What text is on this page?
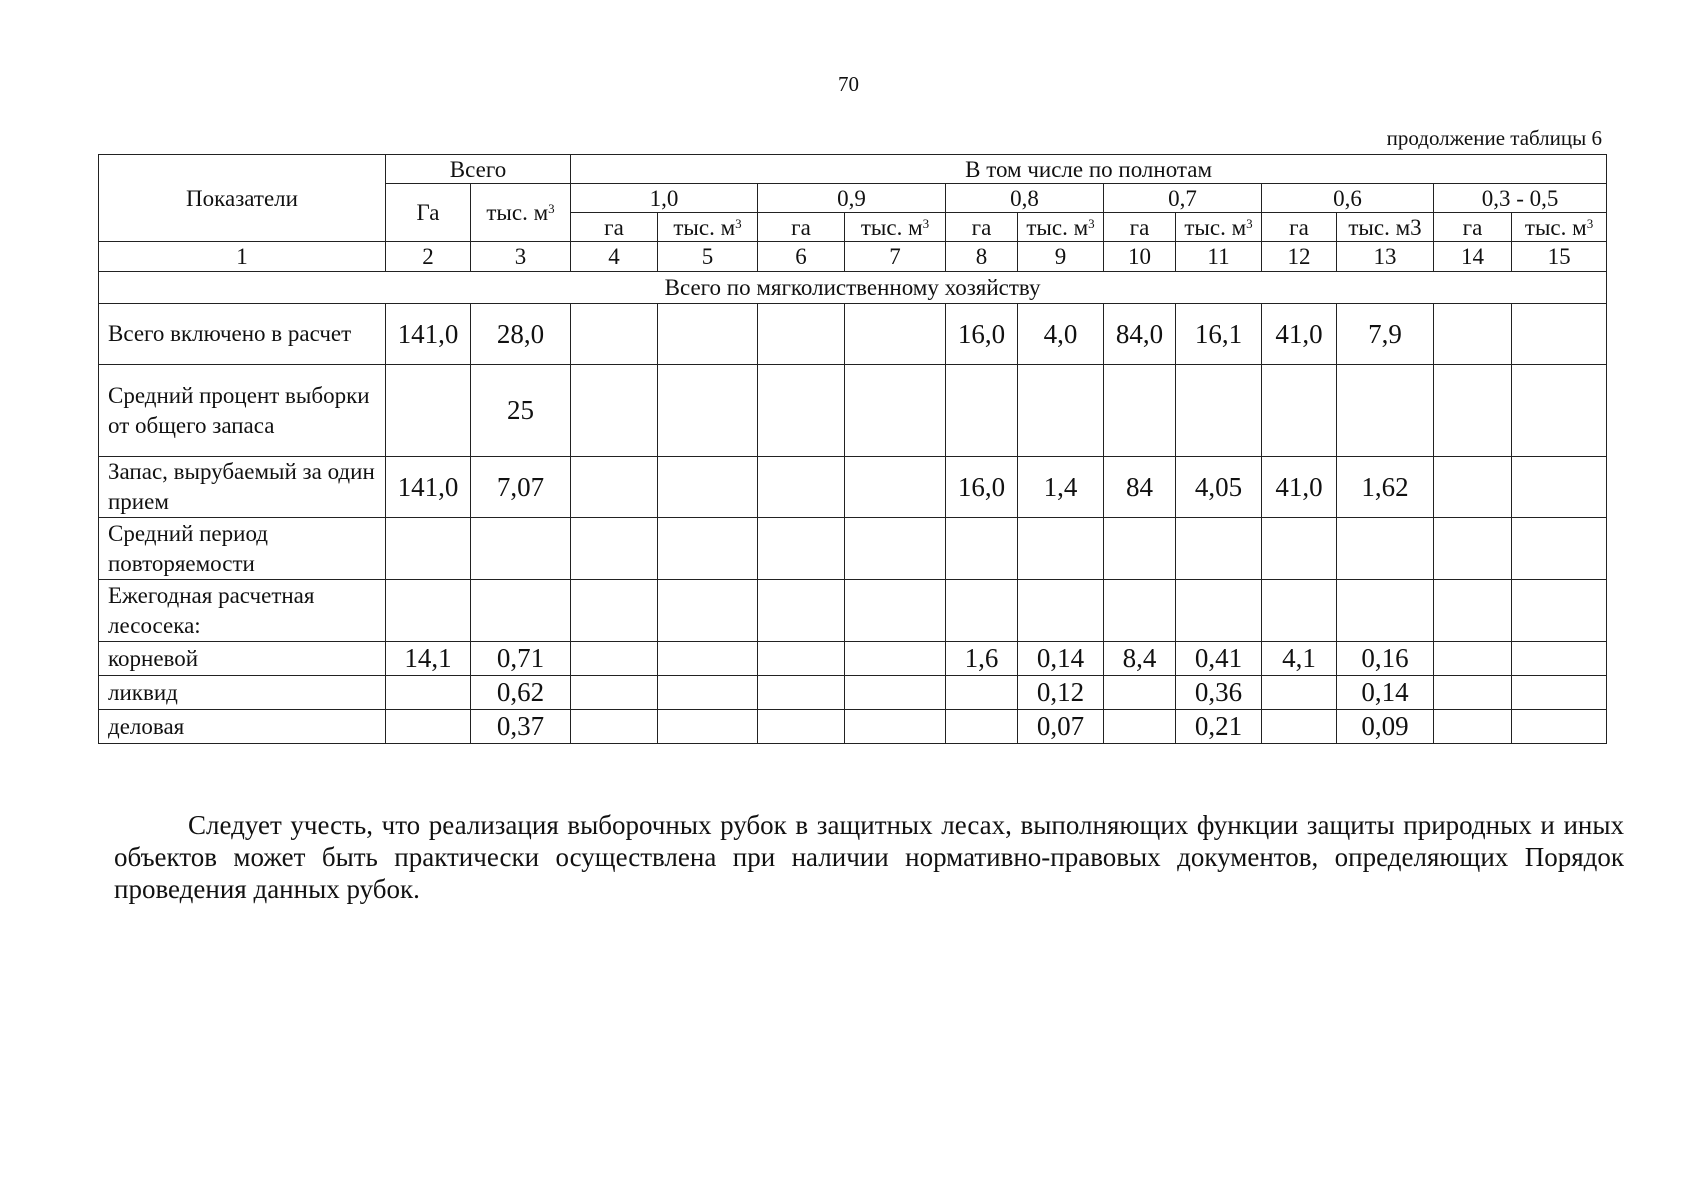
70
продолжение таблицы 6
Показатели	Всего		В том числе по полнотам											
	Га	тыс. $м^3$	1,0		0,9		0,8		0,7		0,6		0,3 - 0,5	
			га	тыс. $м^3$	га	тыс. $м^3$	га	тыс. $м^3$	га	тыс. $м^3$	га	тыс. м3	га	тыс. $м^3$
1	2	3	4	5	6	7	8	9	10	11	12	13	14	15
Всего по мягколиственному хозяйству														
Всего включено в расчет	141,0	28,0					16,0	4,0	84,0	16,1	41,0	7,9		
Средний процент выборки от общего запаса		25												
Запас, вырубаемый за один прием	141,0	7,07					16,0	1,4	84	4,05	41,0	1,62		
Средний период повторяемости														
Ежегодная расчетная лесосека:														
корневой	14,1	0,71					1,6	0,14	8,4	0,41	4,1	0,16		
ликвид		0,62						0,12		0,36		0,14		
деловая		0,37						0,07		0,21		0,09		

Следует учесть, что реализация выборочных рубок в защитных лесах, выполняющих функции защиты природных и иных объектов может быть практически осуществлена при наличии нормативно-правовых документов, определяющих Порядок проведения данных рубок.
